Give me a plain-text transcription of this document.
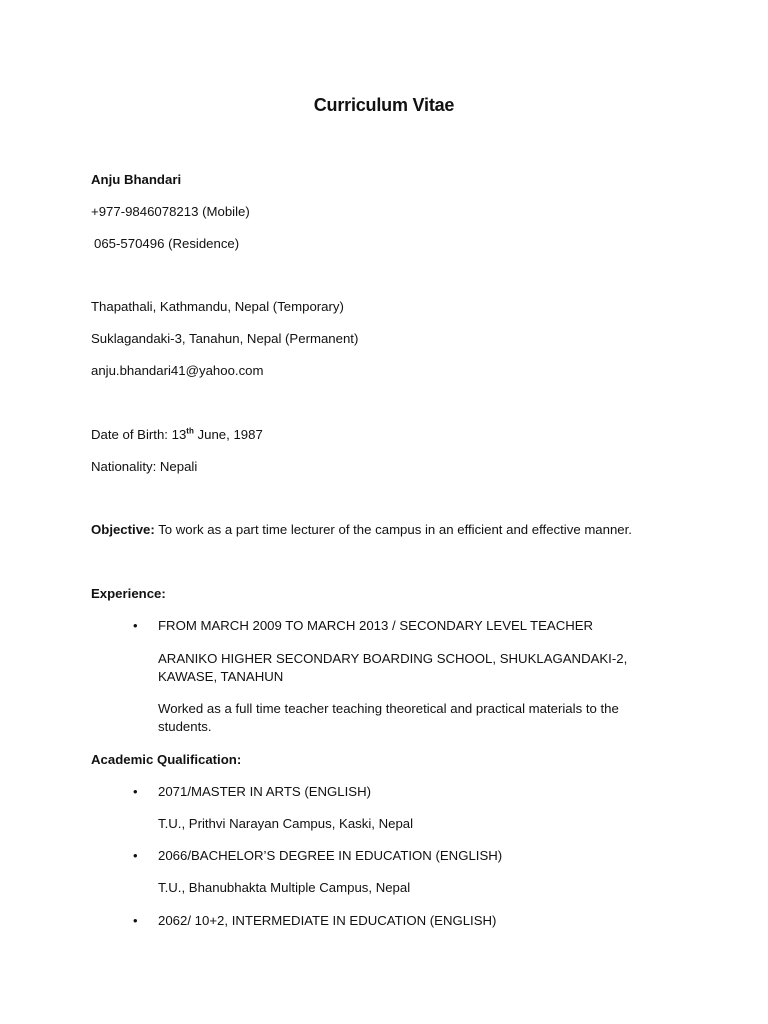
Curriculum Vitae
Anju Bhandari
+977-9846078213 (Mobile)
065-570496 (Residence)
Thapathali, Kathmandu, Nepal (Temporary)
Suklagandaki-3, Tanahun, Nepal (Permanent)
anju.bhandari41@yahoo.com
Date of Birth: 13th June, 1987
Nationality: Nepali
Objective: To work as a part time lecturer of the campus in an efficient and effective manner.
Experience:
• FROM MARCH 2009 TO MARCH 2013 / SECONDARY LEVEL TEACHER
ARANIKO HIGHER SECONDARY BOARDING SCHOOL, SHUKLAGANDAKI-2, KAWASE, TANAHUN
Worked as a full time teacher teaching theoretical and practical materials to the students.
Academic Qualification:
• 2071/MASTER IN ARTS (ENGLISH)
T.U., Prithvi Narayan Campus, Kaski, Nepal
• 2066/BACHELOR’S DEGREE IN EDUCATION (ENGLISH)
T.U., Bhanubhakta Multiple Campus, Nepal
• 2062/ 10+2, INTERMEDIATE IN EDUCATION (ENGLISH)
